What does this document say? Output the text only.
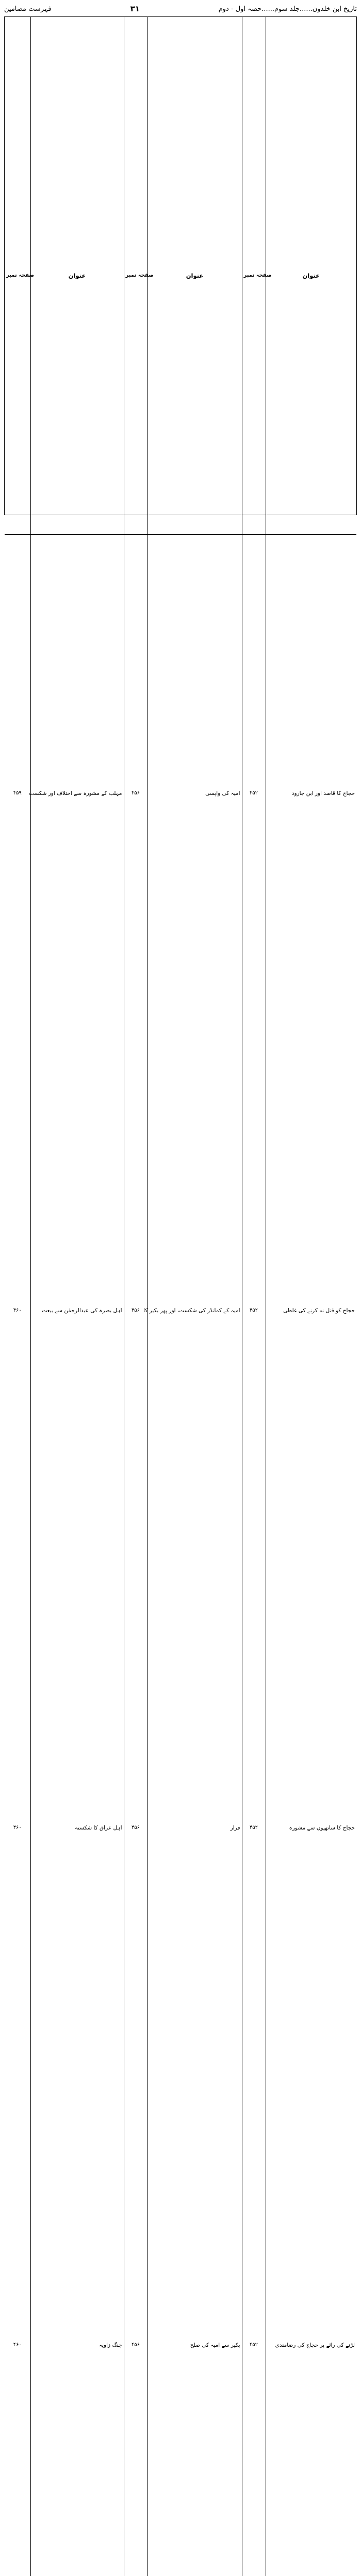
فہرست مضامین	۳۱	تاریخ ابن خلدون......جلد سوم......حصہ اول - دوم
عنوان	صفحہ نمبر	عنوان	صفحہ نمبر	عنوان	صفحہ نمبر
حجاج کا قاصد اور ابن جارود	۴۵۲	امیہ کی واپسی	۴۵۶	مہلب کے مشورہ سے اختلاف اور شکست	۴۵۹
حجاج کو قتل نہ کرنے کی غلطی	۴۵۲	امیہ کے کمانڈر کی شکست، اور پھر بکیر کا	۴۵۶	اہل بصرہ کی عبدالرحمٰن سے بیعت	۴۶۰
حجاج کا ساتھیوں سے مشورہ	۴۵۲	فرار	۴۵۶	اہل عراق کا شکستہ	۴۶۰
لڑنے کی رائے پر حجاج کی رضامندی	۴۵۲	بکیر سے امیہ کی صلح	۴۵۶	جنگ زاویہ	۴۶۰
